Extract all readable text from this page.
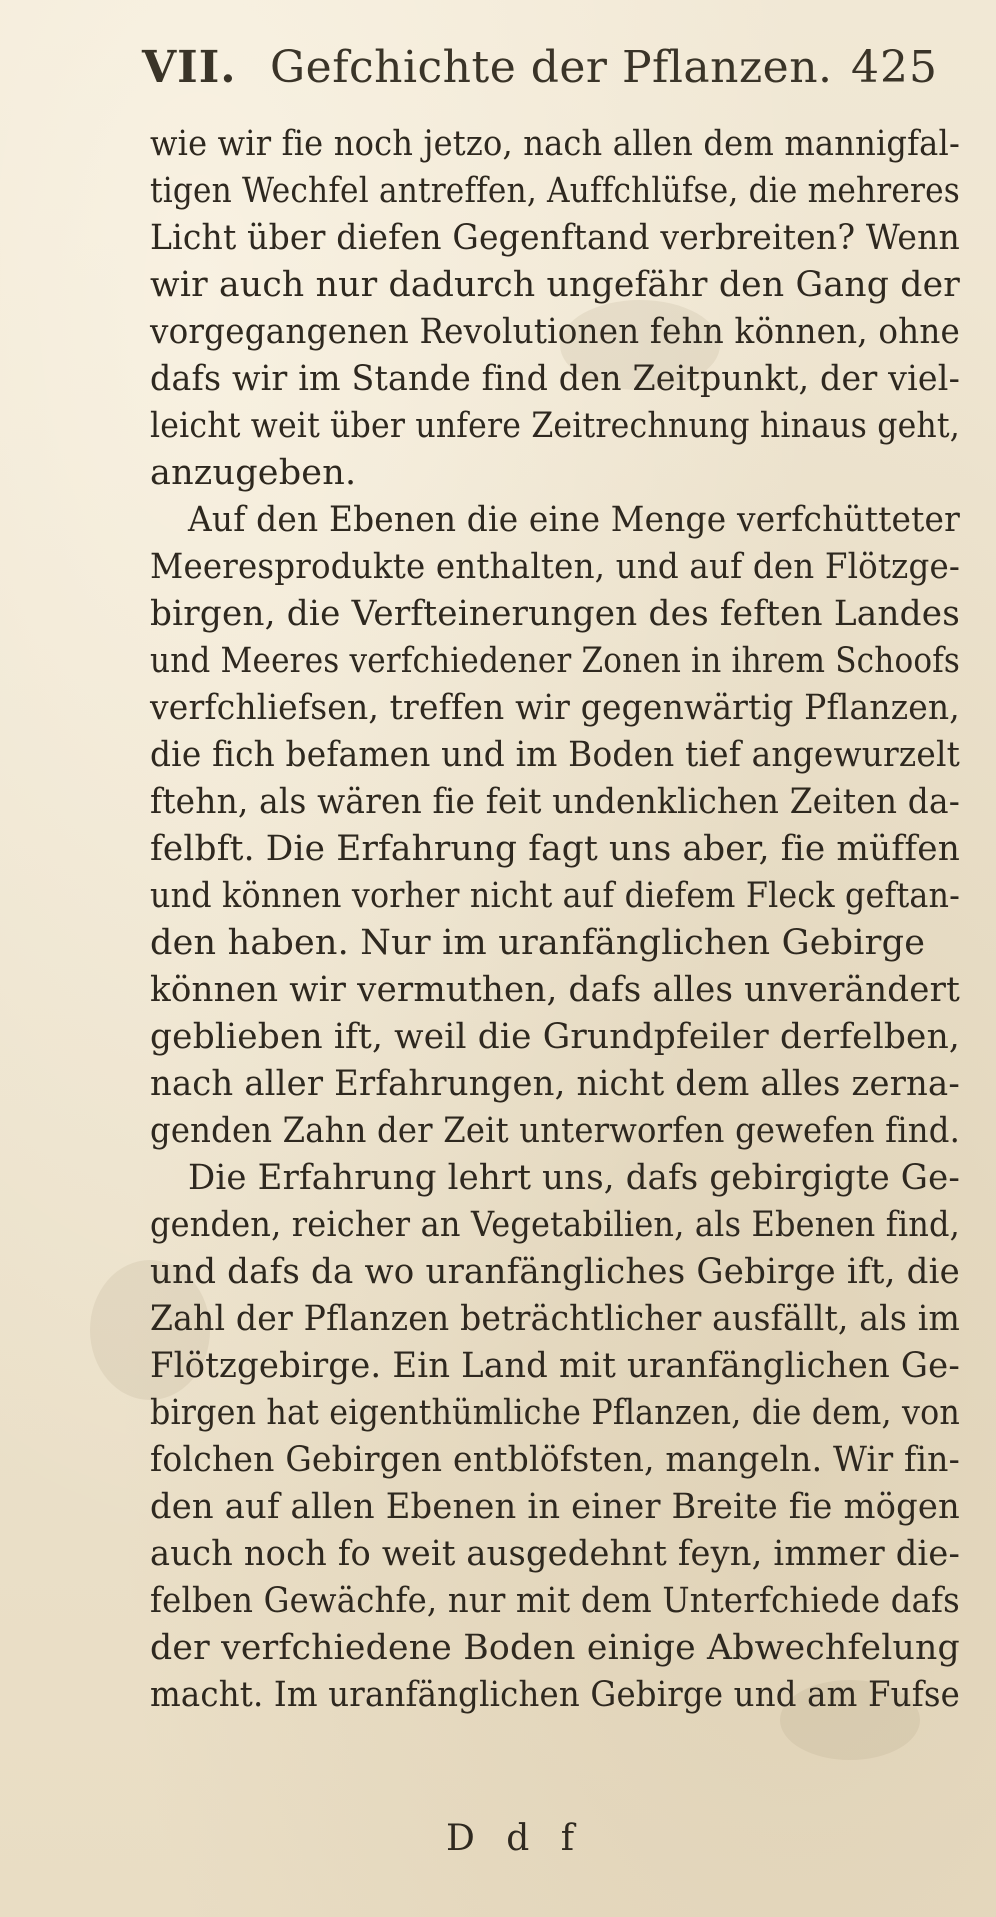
VII. Gefchichte der Pflanzen. 425
wie wir fie noch jetzo, nach allen dem mannigfal-
tigen Wechfel antreffen, Auffchlüfse, die mehreres
Licht über diefen Gegenftand verbreiten? Wenn
wir auch nur dadurch ungefähr den Gang der
vorgegangenen Revolutionen fehn können, ohne
dafs wir im Stande find den Zeitpunkt, der viel-
leicht weit über unfere Zeitrechnung hinaus geht,
anzugeben.
Auf den Ebenen die eine Menge verfchütteter
Meeresprodukte enthalten, und auf den Flötzge-
birgen, die Verfteinerungen des feften Landes
und Meeres verfchiedener Zonen in ihrem Schoofs
verfchliefsen, treffen wir gegenwärtig Pflanzen,
die fich befamen und im Boden tief angewurzelt
ftehn, als wären fie feit undenklichen Zeiten da-
felbft. Die Erfahrung fagt uns aber, fie müffen
und können vorher nicht auf diefem Fleck geftan-
den haben. Nur im uranfänglichen Gebirge
können wir vermuthen, dafs alles unverändert
geblieben ift, weil die Grundpfeiler derfelben,
nach aller Erfahrungen, nicht dem alles zerna-
genden Zahn der Zeit unterworfen gewefen find.
Die Erfahrung lehrt uns, dafs gebirgigte Ge-
genden, reicher an Vegetabilien, als Ebenen find,
und dafs da wo uranfängliches Gebirge ift, die
Zahl der Pflanzen beträchtlicher ausfällt, als im
Flötzgebirge. Ein Land mit uranfänglichen Ge-
birgen hat eigenthümliche Pflanzen, die dem, von
folchen Gebirgen entblöfsten, mangeln. Wir fin-
den auf allen Ebenen in einer Breite fie mögen
auch noch fo weit ausgedehnt feyn, immer die-
felben Gewächfe, nur mit dem Unterfchiede dafs
der verfchiedene Boden einige Abwechfelung
macht. Im uranfänglichen Gebirge und am Fufse
D d f
